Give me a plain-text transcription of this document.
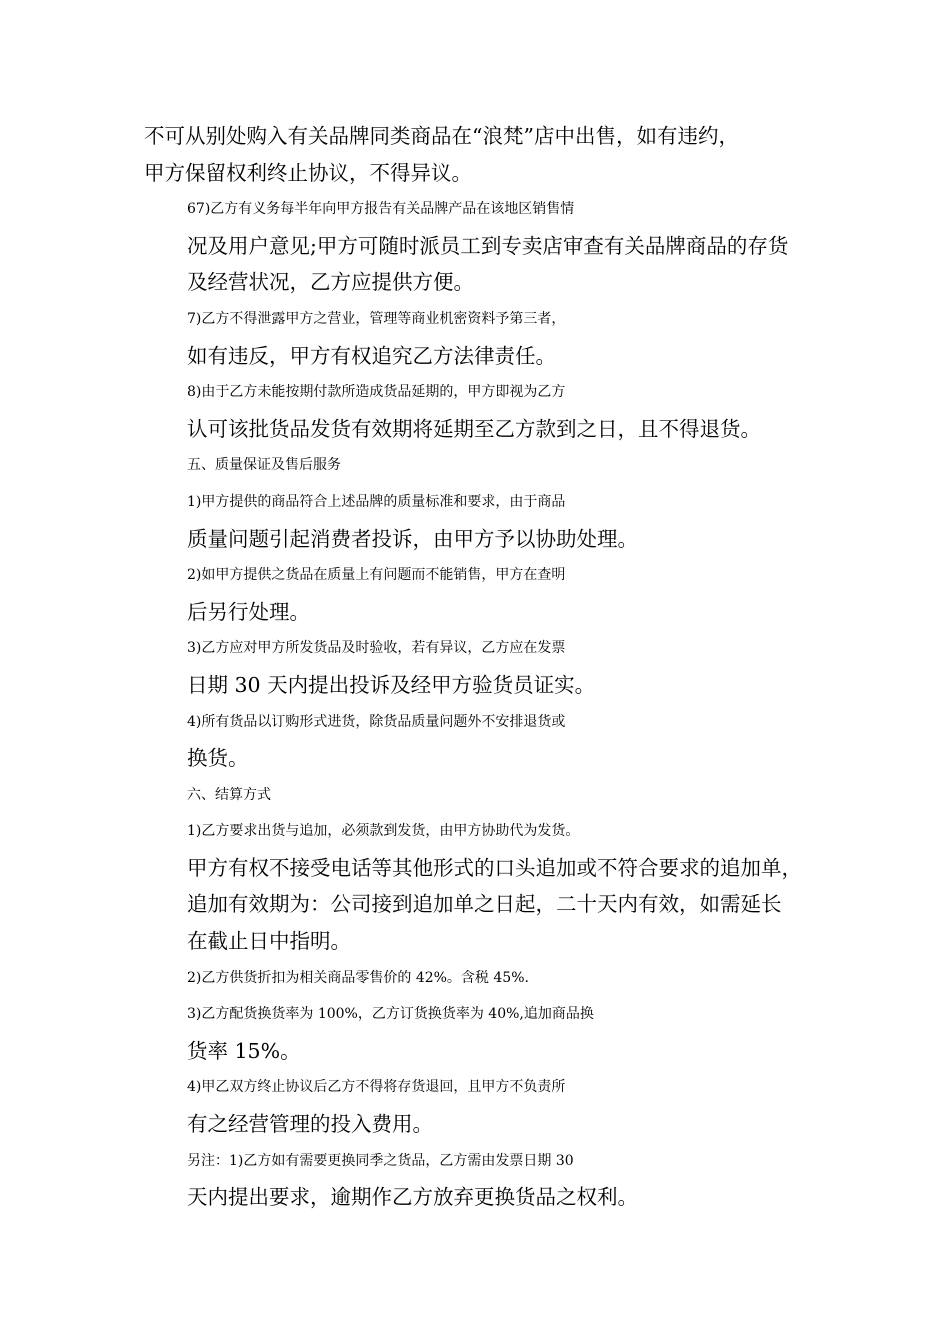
不可从别处购入有关品牌同类商品在“浪梵”店中出售，如有违约，
甲方保留权利终止协议，不得异议。

67)乙方有义务每半年向甲方报告有关品牌产品在该地区销售情
况及用户意见;甲方可随时派员工到专卖店审查有关品牌商品的存货
及经营状况，乙方应提供方便。

7)乙方不得泄露甲方之营业，管理等商业机密资料予第三者，
如有违反，甲方有权追究乙方法律责任。

8)由于乙方未能按期付款所造成货品延期的，甲方即视为乙方
认可该批货品发货有效期将延期至乙方款到之日，且不得退货。

五、质量保证及售后服务

1)甲方提供的商品符合上述品牌的质量标准和要求，由于商品
质量问题引起消费者投诉，由甲方予以协助处理。

2)如甲方提供之货品在质量上有问题而不能销售，甲方在查明
后另行处理。

3)乙方应对甲方所发货品及时验收，若有异议，乙方应在发票
日期 30 天内提出投诉及经甲方验货员证实。

4)所有货品以订购形式进货，除货品质量问题外不安排退货或
换货。

六、结算方式

1)乙方要求出货与追加，必须款到发货，由甲方协助代为发货。
甲方有权不接受电话等其他形式的口头追加或不符合要求的追加单，
追加有效期为：公司接到追加单之日起，二十天内有效，如需延长
在截止日中指明。

2)乙方供货折扣为相关商品零售价的 42%。含税 45%.

3)乙方配货换货率为 100%，乙方订货换货率为 40%,追加商品换
货率 15%。

4)甲乙双方终止协议后乙方不得将存货退回，且甲方不负责所
有之经营管理的投入费用。

另注：1)乙方如有需要更换同季之货品，乙方需由发票日期 30
天内提出要求，逾期作乙方放弃更换货品之权利。
